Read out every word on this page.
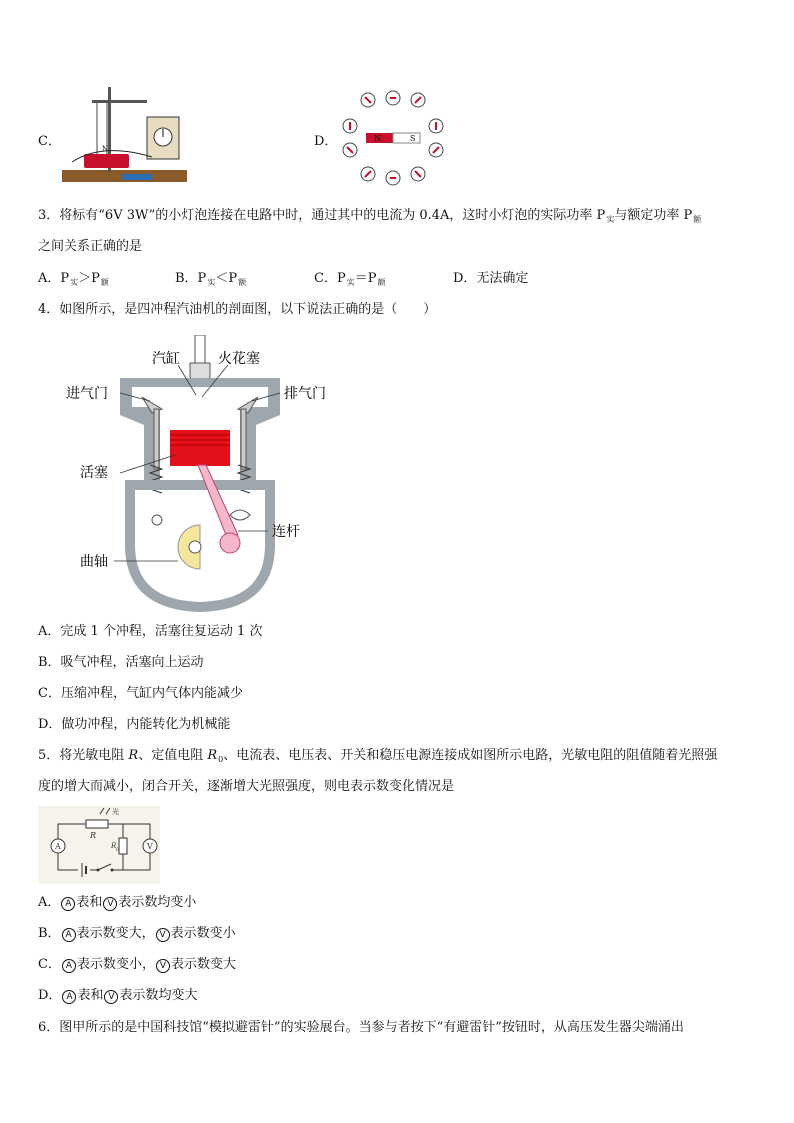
C．	N	D．	N	S
3．将标有“6V 3W”的小灯泡连接在电路中时，通过其中的电流为 0.4A，这时小灯泡的实际功率 $P_实$与额定功率 $P_额$
之间关系正确的是
A．$P_实>P_额$	B．$P_实<P_额$	C．$P_实=P_额$	D．无法确定
4．如图所示，是四冲程汽油机的剖面图，以下说法正确的是（　　）
汽缸	火花塞
进气门	排气门
活塞
连杆
曲轴
A．完成 1 个冲程，活塞往复运动 1 次
B．吸气冲程，活塞向上运动
C．压缩冲程，气缸内气体内能减少
D．做功冲程，内能转化为机械能
5．将光敏电阻 R、定值电阻 $R_0$、电流表、电压表、开关和稳压电源连接成如图所示电路，光敏电阻的阻值随着光照强
度的增大而减小，闭合开关，逐渐增大光照强度，则电表示数变化情况是
光
R
R 0
A	V
A． A 表和 V 表示数均变小
B． A 表示数变大， V 表示数变小
C． A 表示数变小， V 表示数变大
D． A 表和 V 表示数均变大
6．图甲所示的是中国科技馆“模拟避雷针”的实验展台。当参与者按下“有避雷针”按钮时，从高压发生器尖端涌出
